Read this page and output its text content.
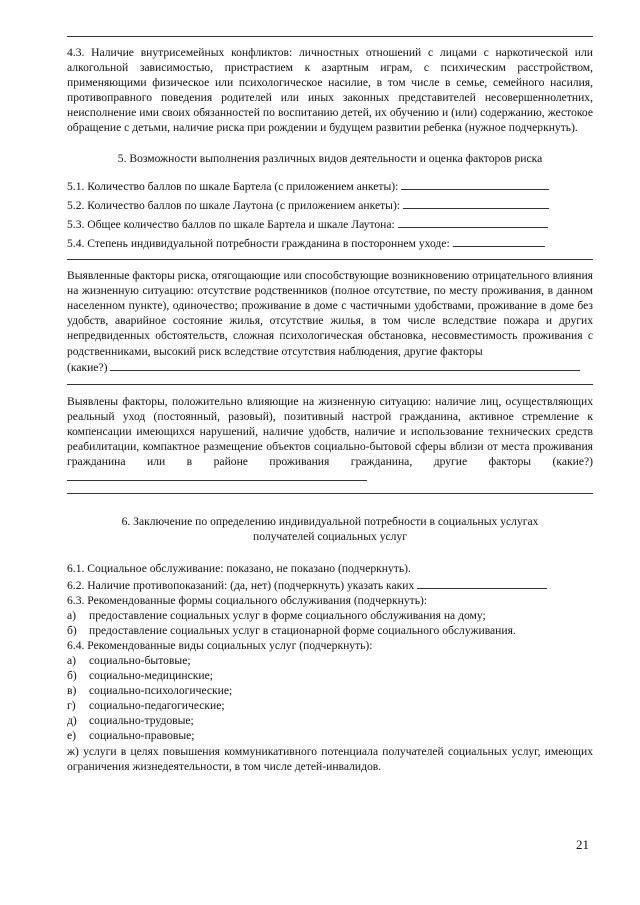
4.3. Наличие внутрисемейных конфликтов: личностных отношений с лицами с наркотической или алкогольной зависимостью, пристрастием к азартным играм, с психическим расстройством, применяющими физическое или психологическое насилие, в том числе в семье, семейного насилия, противоправного поведения родителей или иных законных представителей несовершеннолетних, неисполнение ими своих обязанностей по воспитанию детей, их обучению и (или) содержанию, жестокое обращение с детьми, наличие риска при рождении и будущем развитии ребенка (нужное подчеркнуть).
5. Возможности выполнения различных видов деятельности и оценка факторов риска
5.1. Количество баллов по шкале Бартела (с приложением анкеты):
5.2. Количество баллов по шкале Лаутона (с приложением анкеты):
5.3. Общее количество баллов по шкале Бартела и шкале Лаутона:
5.4. Степень индивидуальной потребности гражданина в постороннем уходе:
Выявленные факторы риска, отягощающие или способствующие возникновению отрицательного влияния на жизненную ситуацию: отсутствие родственников (полное отсутствие, по месту проживания, в данном населенном пункте), одиночество; проживание в доме с частичными удобствами, проживание в доме без удобств, аварийное состояние жилья, отсутствие жилья, в том числе вследствие пожара и других непредвиденных обстоятельств, сложная психологическая обстановка, несовместимость проживания с родственниками, высокий риск вследствие отсутствия наблюдения, другие факторы
(какие?)
Выявлены факторы, положительно влияющие на жизненную ситуацию: наличие лиц, осуществляющих реальный уход (постоянный, разовый), позитивный настрой гражданина, активное стремление к компенсации имеющихся нарушений, наличие удобств, наличие и использование технических средств реабилитации, компактное размещение объектов социально-бытовой сферы вблизи от места проживания гражданина или в районе проживания гражданина, другие факторы (какие?)
6. Заключение по определению индивидуальной потребности в социальных услугах
получателей социальных услуг
6.1. Социальное обслуживание: показано, не показано (подчеркнуть).
6.2. Наличие противопоказаний: (да, нет) (подчеркнуть) указать каких
6.3. Рекомендованные формы социального обслуживания (подчеркнуть):
а)	предоставление социальных услуг в форме социального обслуживания на дому;
б)	предоставление социальных услуг в стационарной форме социального обслуживания.
6.4. Рекомендованные виды социальных услуг (подчеркнуть):
а)	социально-бытовые;
б)	социально-медицинские;
в)	социально-психологические;
г)	социально-педагогические;
д)	социально-трудовые;
е)	социально-правовые;
ж) услуги в целях повышения коммуникативного потенциала получателей социальных услуг, имеющих ограничения жизнедеятельности, в том числе детей-инвалидов.
21
